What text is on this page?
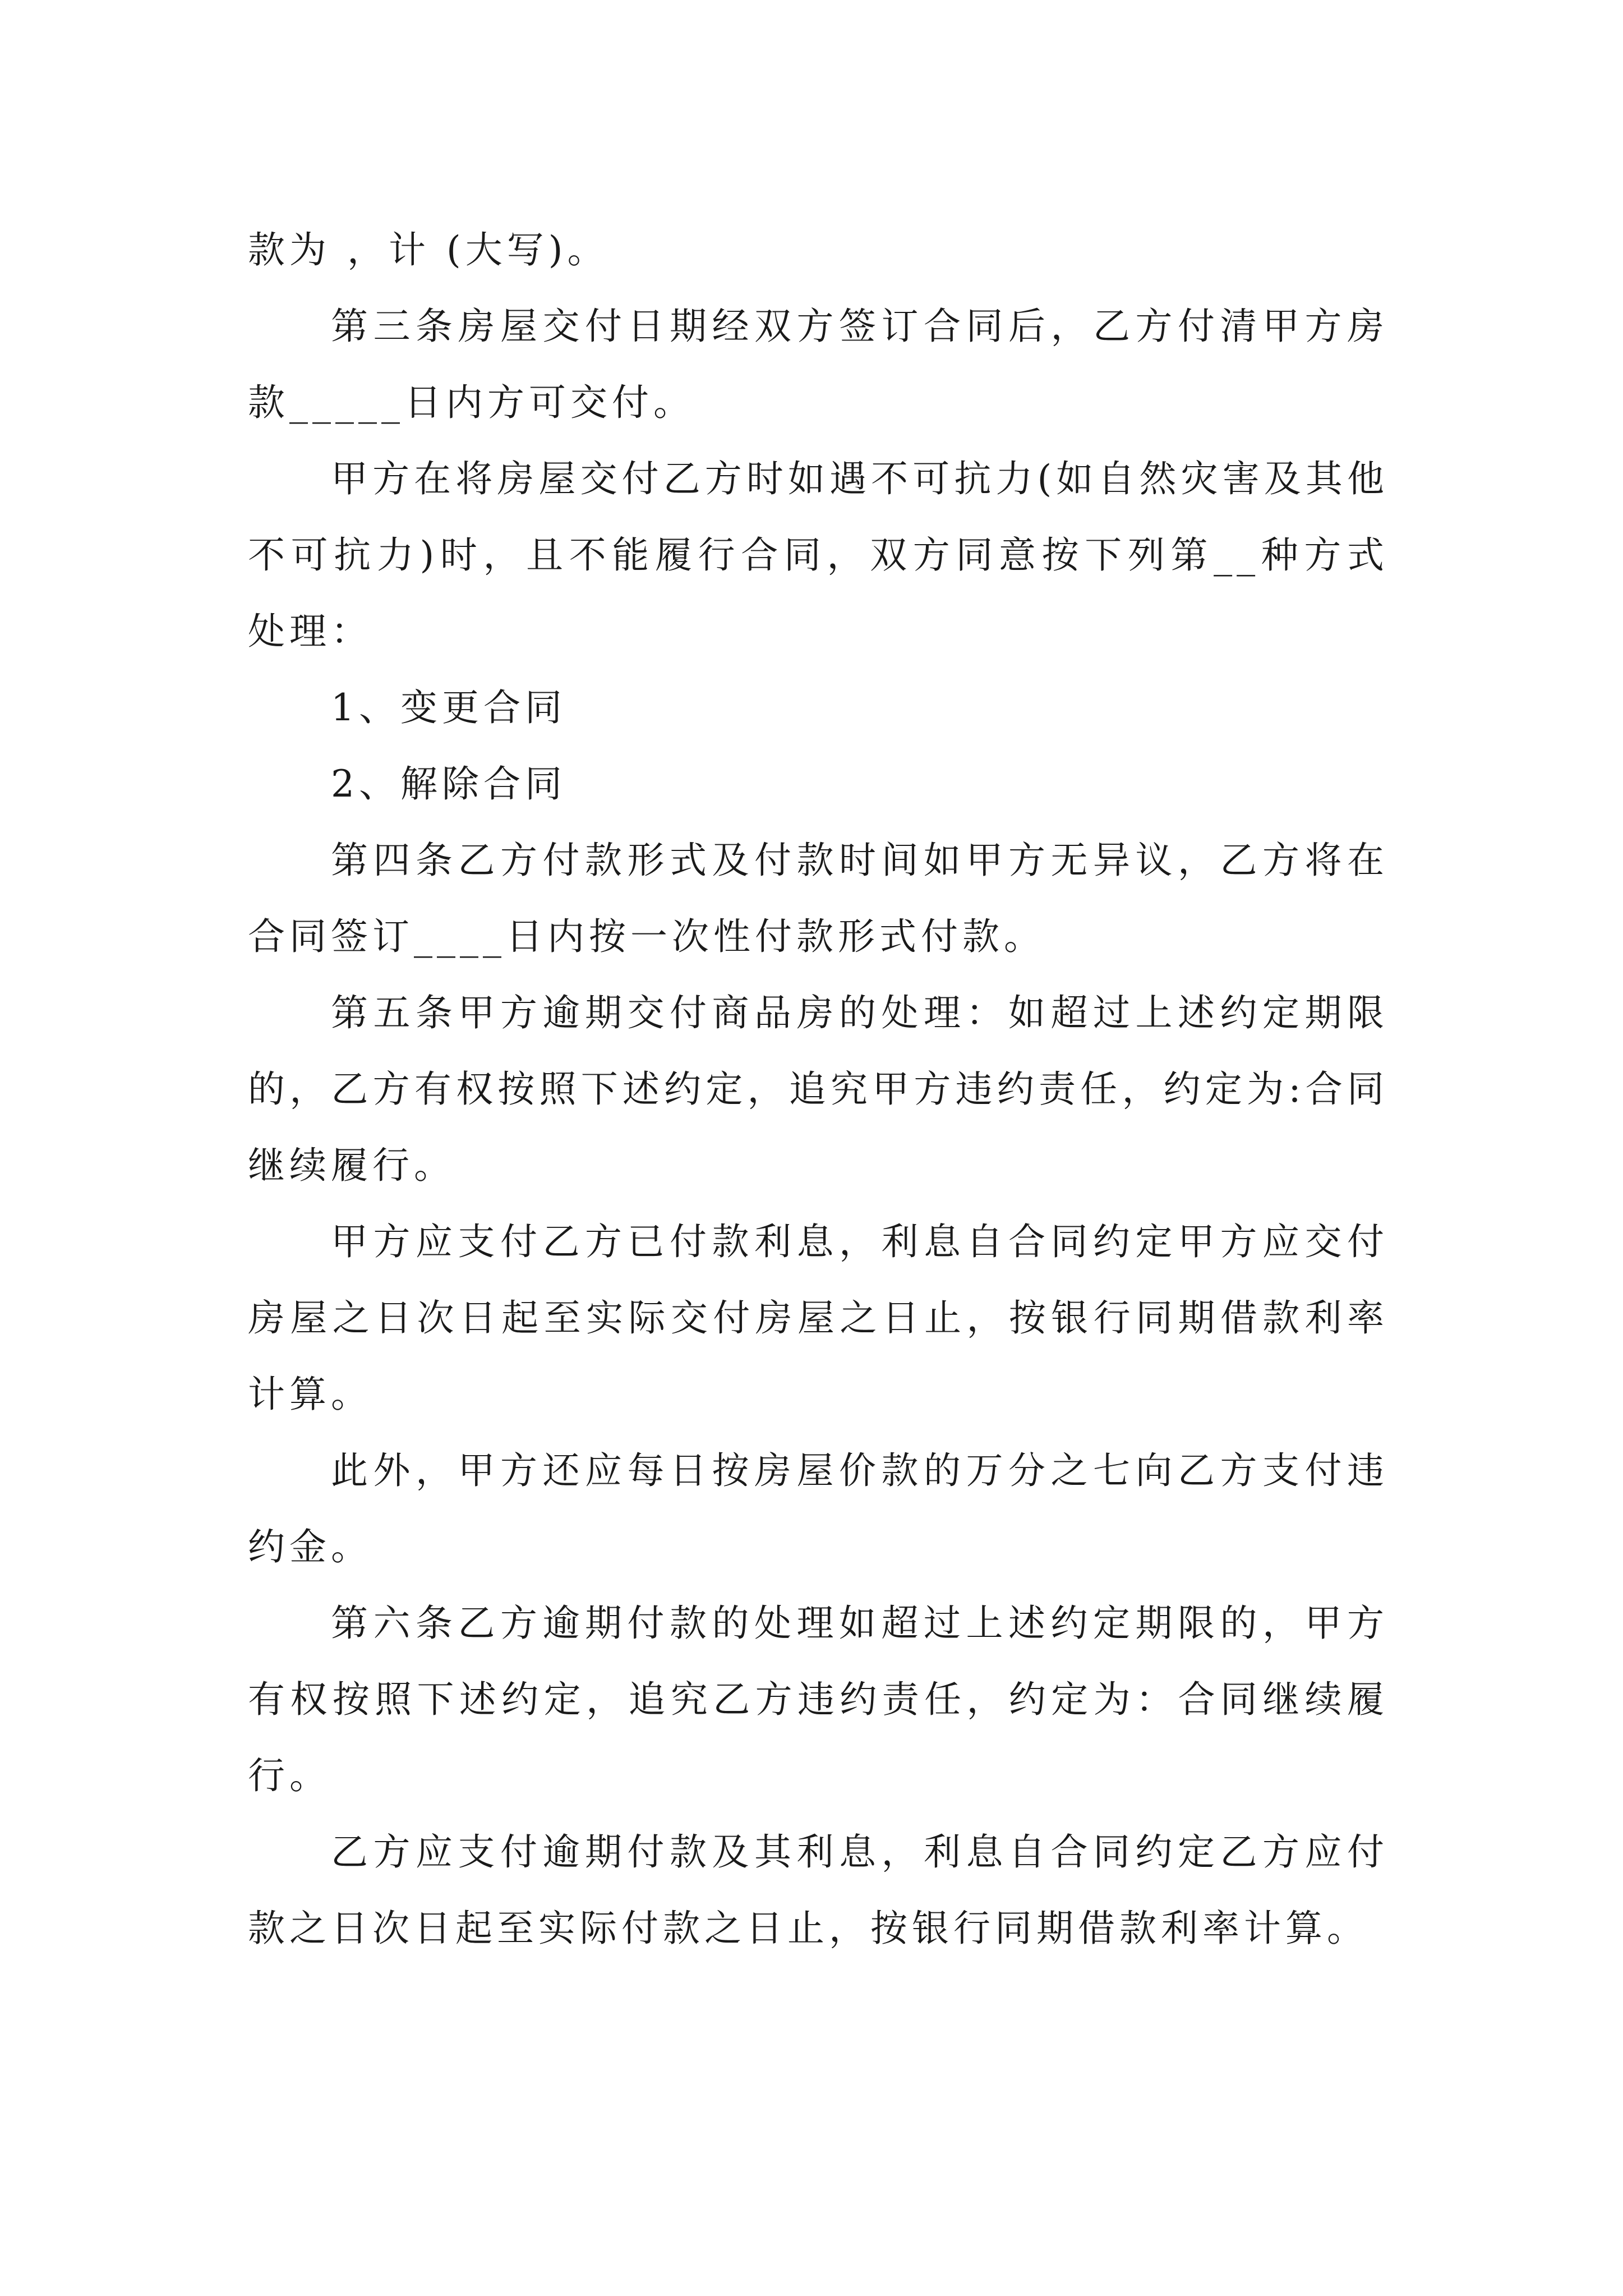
款为 ，计 (大写)。

第三条房屋交付日期经双方签订合同后，乙方付清甲方房款_____日内方可交付。

甲方在将房屋交付乙方时如遇不可抗力(如自然灾害及其他不可抗力)时，且不能履行合同，双方同意按下列第__种方式处理：

1、变更合同

2、解除合同

第四条乙方付款形式及付款时间如甲方无异议，乙方将在合同签订____日内按一次性付款形式付款。

第五条甲方逾期交付商品房的处理：如超过上述约定期限的，乙方有权按照下述约定，追究甲方违约责任，约定为:合同继续履行。

甲方应支付乙方已付款利息，利息自合同约定甲方应交付房屋之日次日起至实际交付房屋之日止，按银行同期借款利率计算。

此外，甲方还应每日按房屋价款的万分之七向乙方支付违约金。

第六条乙方逾期付款的处理如超过上述约定期限的，甲方有权按照下述约定，追究乙方违约责任，约定为：合同继续履行。

乙方应支付逾期付款及其利息，利息自合同约定乙方应付款之日次日起至实际付款之日止，按银行同期借款利率计算。
